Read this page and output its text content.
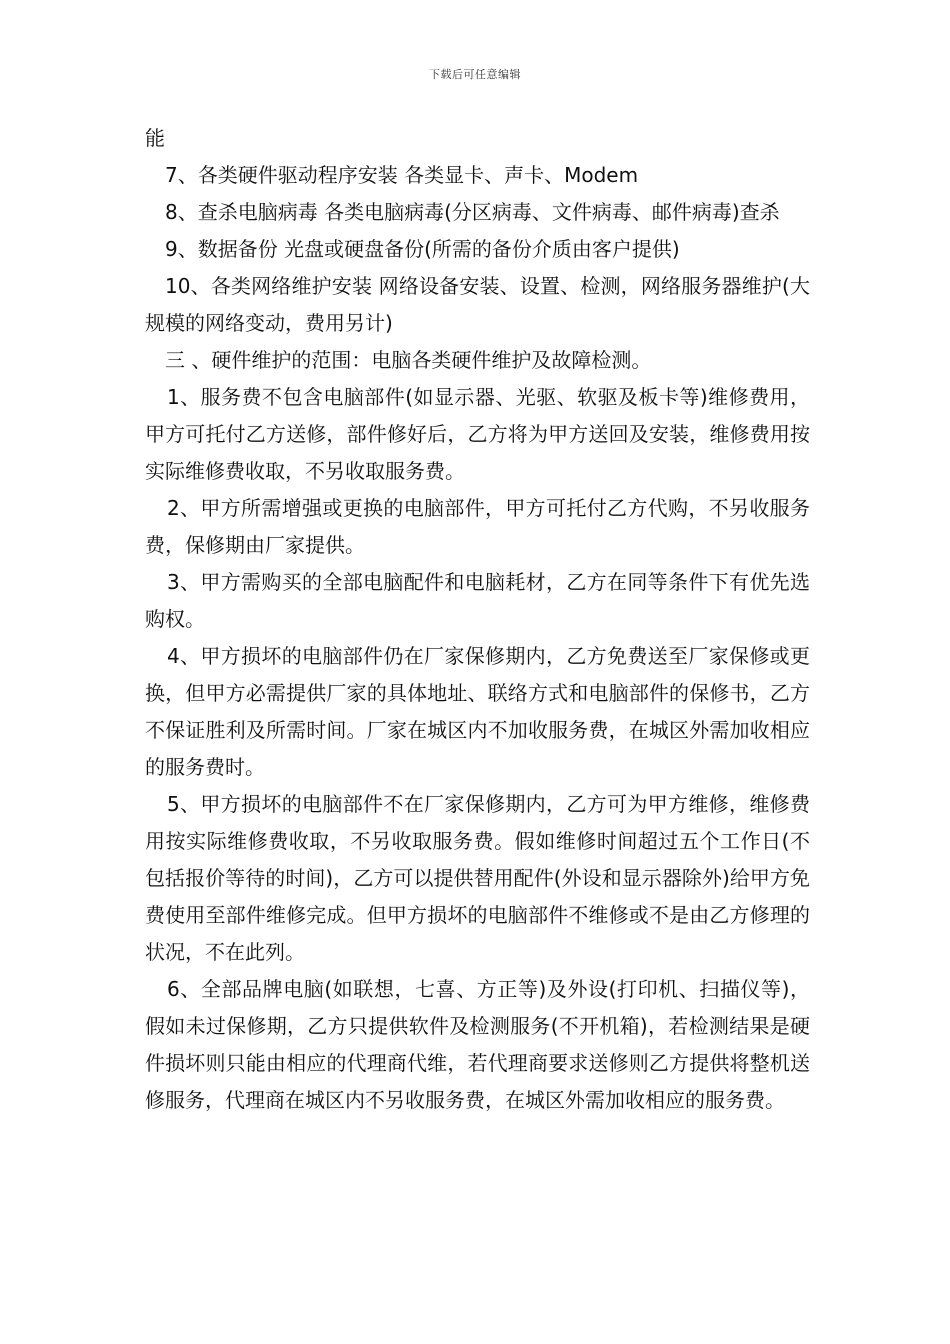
下载后可任意编辑

能

7、各类硬件驱动程序安装 各类显卡、声卡、Modem

8、查杀电脑病毒 各类电脑病毒(分区病毒、文件病毒、邮件病毒)查杀

9、数据备份 光盘或硬盘备份(所需的备份介质由客户提供)

10、各类网络维护安装 网络设备安装、设置、检测，网络服务器维护(大规模的网络变动，费用另计)

三 、硬件维护的范围：电脑各类硬件维护及故障检测。

1、服务费不包含电脑部件(如显示器、光驱、软驱及板卡等)维修费用，甲方可托付乙方送修，部件修好后，乙方将为甲方送回及安装，维修费用按实际维修费收取，不另收取服务费。

2、甲方所需增强或更换的电脑部件，甲方可托付乙方代购，不另收服务费，保修期由厂家提供。

3、甲方需购买的全部电脑配件和电脑耗材，乙方在同等条件下有优先选购权。

4、甲方损坏的电脑部件仍在厂家保修期内，乙方免费送至厂家保修或更换，但甲方必需提供厂家的具体地址、联络方式和电脑部件的保修书，乙方不保证胜利及所需时间。厂家在城区内不加收服务费，在城区外需加收相应的服务费时。

5、甲方损坏的电脑部件不在厂家保修期内，乙方可为甲方维修，维修费用按实际维修费收取，不另收取服务费。假如维修时间超过五个工作日(不包括报价等待的时间)，乙方可以提供替用配件(外设和显示器除外)给甲方免费使用至部件维修完成。但甲方损坏的电脑部件不维修或不是由乙方修理的状况，不在此列。

6、全部品牌电脑(如联想，七喜、方正等)及外设(打印机、扫描仪等)，假如未过保修期，乙方只提供软件及检测服务(不开机箱)，若检测结果是硬件损坏则只能由相应的代理商代维，若代理商要求送修则乙方提供将整机送修服务，代理商在城区内不另收服务费，在城区外需加收相应的服务费。
